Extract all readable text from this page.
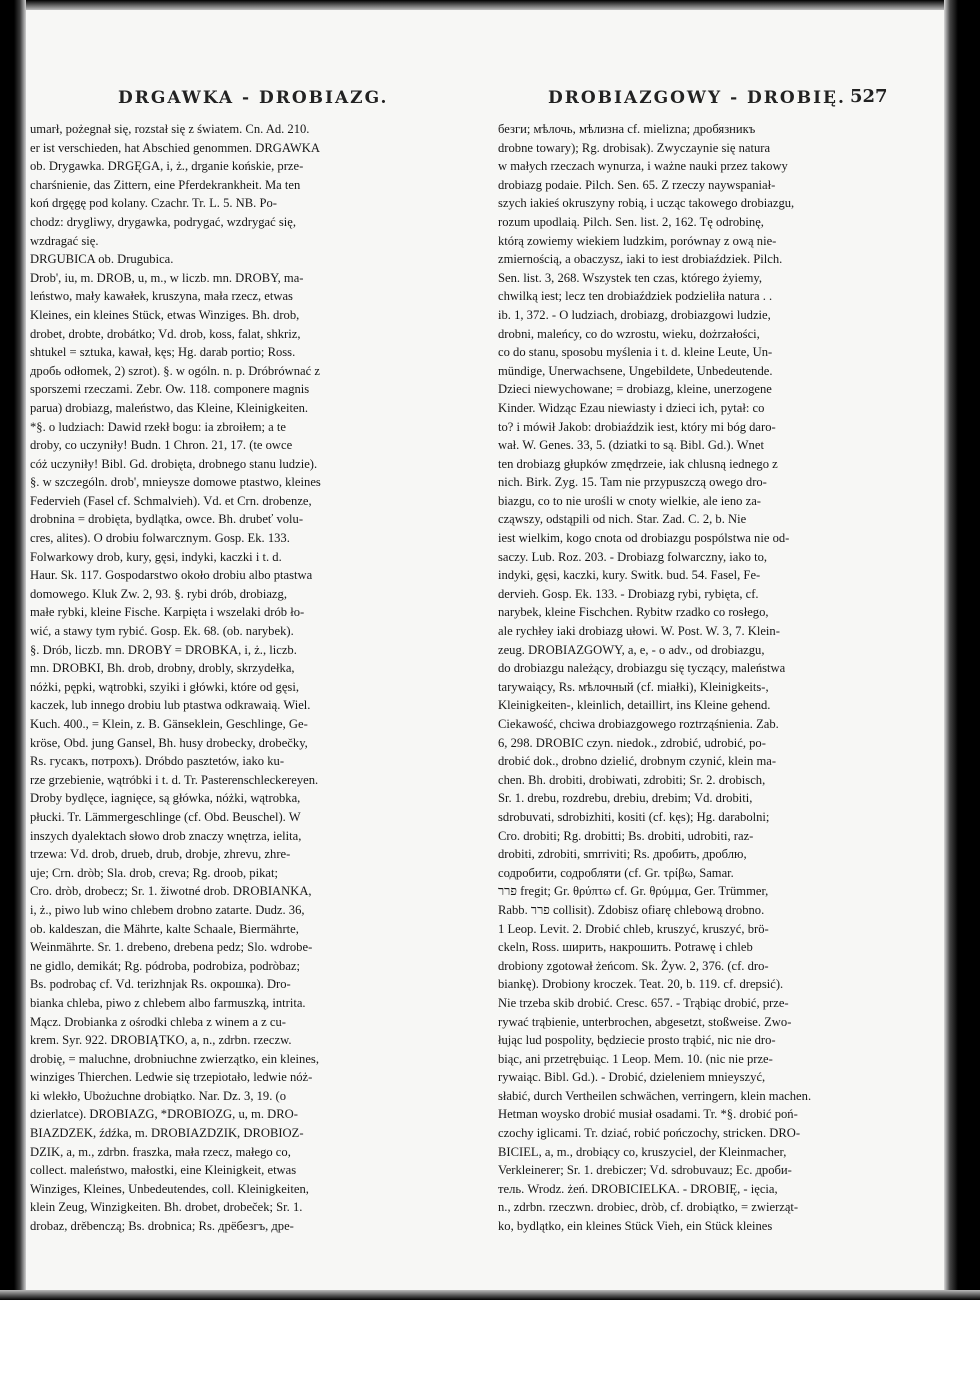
DRGAWKA - DROBIAZG.	DROBIAZGOWY - DROBIĘ. 527
umarł, pożegnał się, rozstał się z światem. Cn. Ad. 210.
er ist verschieden, hat Abschied genommen. DRGAWKA
ob. Drygawka. DRGĘGA, i, ż., drganie końskie, prze-
charśnienie, das Zittern, eine Pferdekrankheit. Ma ten
koń drgęgę pod kolany. Czachr. Tr. L. 5. NB. Po-
chodz: drygliwy, drygawka, podrygać, wzdrygać się,
wzdragać się.
DRGUBICA ob. Drugubica.
Drob', iu, m. DROB, u, m., w liczb. mn. DROBY, ma-
leństwo, mały kawałek, kruszyna, mała rzecz, etwas
Kleines, ein kleines Stück, etwas Winziges. Bh. drob,
drobet, drobte, drobátko; Vd. drob, koss, falat, shkriz,
shtukel = sztuka, kawał, kęs; Hg. darab portio; Ross.
дробь odłomek, 2) szrot). §. w ogóln. n. p. Dróbrównać z
sporszemi rzeczami. Zebr. Ow. 118. componere magnis
parua) drobiazg, maleństwo, das Kleine, Kleinigkeiten.
*§. o ludziach: Dawid rzekł bogu: ia zbroiłem; a te
droby, co uczyniły! Budn. 1 Chron. 21, 17. (te owce
cóż uczyniły! Bibl. Gd. drobięta, drobnego stanu ludzie).
§. w szczególn. drob', mnieysze domowe ptastwo, kleines
Federvieh (Fasel cf. Schmalvieh). Vd. et Crn. drobenze,
drobnina = drobięta, bydlątka, owce. Bh. drubeť volu-
cres, alites). O drobiu folwarcznym. Gosp. Ek. 133.
Folwarkowy drob, kury, gęsi, indyki, kaczki i t. d.
Haur. Sk. 117. Gospodarstwo około drobiu albo ptastwa
domowego. Kluk Zw. 2, 93. §. rybi drób, drobiazg,
małe rybki, kleine Fische. Karpięta i wszelaki drób ło-
wić, a stawy tym rybić. Gosp. Ek. 68. (ob. narybek).
§. Drób, liczb. mn. DROBY = DROBKA, i, ż., liczb.
mn. DROBKI, Bh. drob, drobny, drobly, skrzydełka,
nóżki, pępki, wątrobki, szyiki i główki, które od gęsi,
kaczek, lub innego drobiu lub ptastwa odkrawaią. Wiel.
Kuch. 400., = Klein, z. B. Gänseklein, Geschlinge, Ge-
kröse, Obd. jung Gansel, Bh. husy drobecky, drobečky,
Rs. гусакъ, потрохъ). Dróbdo pasztetów, iako ku-
rze grzebienie, wątróbki i t. d. Tr. Pasterenschleckereyen.
Droby bydlęce, iagnięce, są główka, nóżki, wątrobka,
płucki. Tr. Lämmergeschlinge (cf. Obd. Beuschel). W
inszych dyalektach słowo drob znaczy wnętrza, ielita,
trzewa: Vd. drob, drueb, drub, drobje, zhrevu, zhre-
uje; Crn. dròb; Sla. drob, creva; Rg. droob, pikat;
Cro. dròb, drobecz; Sr. 1. žiwotné drob. DROBIANKA,
i, ż., piwo lub wino chlebem drobno zatarte. Dudz. 36,
ob. kaldeszan, die Mährte, kalte Schaale, Biermährte,
Weinmährte. Sr. 1. drebeno, drebena pedz; Slo. wdrobe-
ne gidlo, demikát; Rg. pódroba, podrobiza, podròbaz;
Bs. podrobaç cf. Vd. terizhnjak Rs. окрошка). Dro-
bianka chleba, piwo z chlebem albo farmuszką, intrita.
Mącz. Drobianka z ośrodki chleba z winem a z cu-
krem. Syr. 922. DROBIĄTKO, a, n., zdrbn. rzeczw.
drobię, = maluchne, drobniuchne zwierzątko, ein kleines,
winziges Thierchen. Ledwie się trzepiotało, ledwie nóż-
ki wlekło, Ubożuchne drobiątko. Nar. Dz. 3, 19. (o
dzierlatce). DROBIAZG, *DROBIOZG, u, m. DRO-
BIAZDZEK, źdźka, m. DROBIAZDZIK, DROBIOZ-
DZIK, a, m., zdrbn. fraszka, mała rzecz, małego co,
collect. maleństwo, małostki, eine Kleinigkeit, etwas
Winziges, Kleines, Unbedeutendes, coll. Kleinigkeiten,
klein Zeug, Winzigkeiten. Bh. drobet, drobeček; Sr. 1.
drobaz, drěbenczą; Bs. drobnica; Rs. дрёбезгъ, дре-
безги; мѣлочь, мѣлизна cf. mielizna; дробязникъ
drobne towary); Rg. drobisak). Zwyczaynie się natura
w małych rzeczach wynurza, i ważne nauki przez takowy
drobiazg podaie. Pilch. Sen. 65. Z rzeczy naywspaniał-
szych iakieś okruszyny robią, i ucząc takowego drobiazgu,
rozum upodlaią. Pilch. Sen. list. 2, 162. Tę odrobinę,
którą zowiemy wiekiem ludzkim, porównay z ową nie-
zmiernością, a obaczysz, iaki to iest drobiaździek. Pilch.
Sen. list. 3, 268. Wszystek ten czas, którego żyiemy,
chwilką iest; lecz ten drobiaździek podzieliła natura . .
ib. 1, 372. - O ludziach, drobiazg, drobiazgowi ludzie,
drobni, maleńcy, co do wzrostu, wieku, dożrzałości,
co do stanu, sposobu myślenia i t. d. kleine Leute, Un-
mündige, Unerwachsene, Ungebildete, Unbedeutende.
Dzieci niewychowane; = drobiazg, kleine, unerzogene
Kinder. Widząc Ezau niewiasty i dzieci ich, pytał: co
to? i mówił Jakob: drobiaździk iest, który mi bóg daro-
wał. W. Genes. 33, 5. (dziatki to są. Bibl. Gd.). Wnet
ten drobiazg głupków zmędrzeie, iak chlusną iednego z
nich. Birk. Zyg. 15. Tam nie przypuszczą owego dro-
biazgu, co to nie urośli w cnoty wielkie, ale ieno za-
cząwszy, odstąpili od nich. Star. Zad. C. 2, b. Nie
iest wielkim, kogo cnota od drobiazgu pospólstwa nie od-
saczy. Lub. Roz. 203. - Drobiazg folwarczny, iako to,
indyki, gęsi, kaczki, kury. Switk. bud. 54. Fasel, Fe-
dervieh. Gosp. Ek. 133. - Drobiazg rybi, rybięta, cf.
narybek, kleine Fischchen. Rybitw rzadko co rosłego,
ale rychłey iaki drobiazg ułowi. W. Post. W. 3, 7. Klein-
zeug. DROBIAZGOWY, a, e, - o adv., od drobiazgu,
do drobiazgu należący, drobiazgu się tyczący, maleństwa
tarywaiący, Rs. мѣлочный (cf. miałki), Kleinigkeits-,
Kleinigkeiten-, kleinlich, detaillirt, ins Kleine gehend.
Ciekawość, chciwa drobiazgowego roztrząśnienia. Zab.
6, 298. DROBIC czyn. niedok., zdrobić, udrobić, po-
drobić dok., drobno dzielić, drobnym czynić, klein ma-
chen. Bh. drobiti, drobiwati, zdrobiti; Sr. 2. drobisch,
Sr. 1. drebu, rozdrebu, drebiu, drebim; Vd. drobiti,
sdrobuvati, sdrobizhiti, kositi (cf. kęs); Hg. darabolni;
Cro. drobiti; Rg. drobitti; Bs. drobiti, udrobiti, raz-
drobiti, zdrobiti, smrriviti; Rs. дробить, дроблю,
содробити, содробляти (cf. Gr. τρίβω, Samar.
פרר fregit; Gr. θρύπτω cf. Gr. θρύμμα, Ger. Trümmer,
Rabb. פרר collisit). Zdobisz ofiarę chlebową drobno.
1 Leop. Levit. 2. Drobić chleb, kruszyć, kruszyć, brö-
ckeln, Ross. ширить, накрошить. Potrawę i chleb
drobiony zgotował żeńcom. Sk. Żyw. 2, 376. (cf. dro-
biankę). Drobiony kroczek. Teat. 20, b. 119. cf. drepsić).
Nie trzeba skib drobić. Cresc. 657. - Trąbiąc drobić, prze-
rywać trąbienie, unterbrochen, abgesetzt, stoßweise. Zwo-
łując lud pospolity, będziecie prosto trąbić, nic nie dro-
biąc, ani przetrębuiąc. 1 Leop. Mem. 10. (nic nie prze-
rywaiąc. Bibl. Gd.). - Drobić, dzieleniem mnieyszyć,
słabić, durch Vertheilen schwächen, verringern, klein machen.
Hetman woysko drobić musiał osadami. Tr. *§. drobić poń-
czochy iglicami. Tr. dziać, robić pończochy, stricken. DRO-
BICIEL, a, m., drobiący co, kruszyciel, der Kleinmacher,
Verkleinerer; Sr. 1. drebiczer; Vd. sdrobuvauz; Ec. дроби-
тель. Wrodz. żeń. DROBICIELKA. - DROBIĘ, - ięcia,
n., zdrbn. rzeczwn. drobiec, dròb, cf. drobiątko, = zwierząt-
ko, bydlątko, ein kleines Stück Vieh, ein Stück kleines
